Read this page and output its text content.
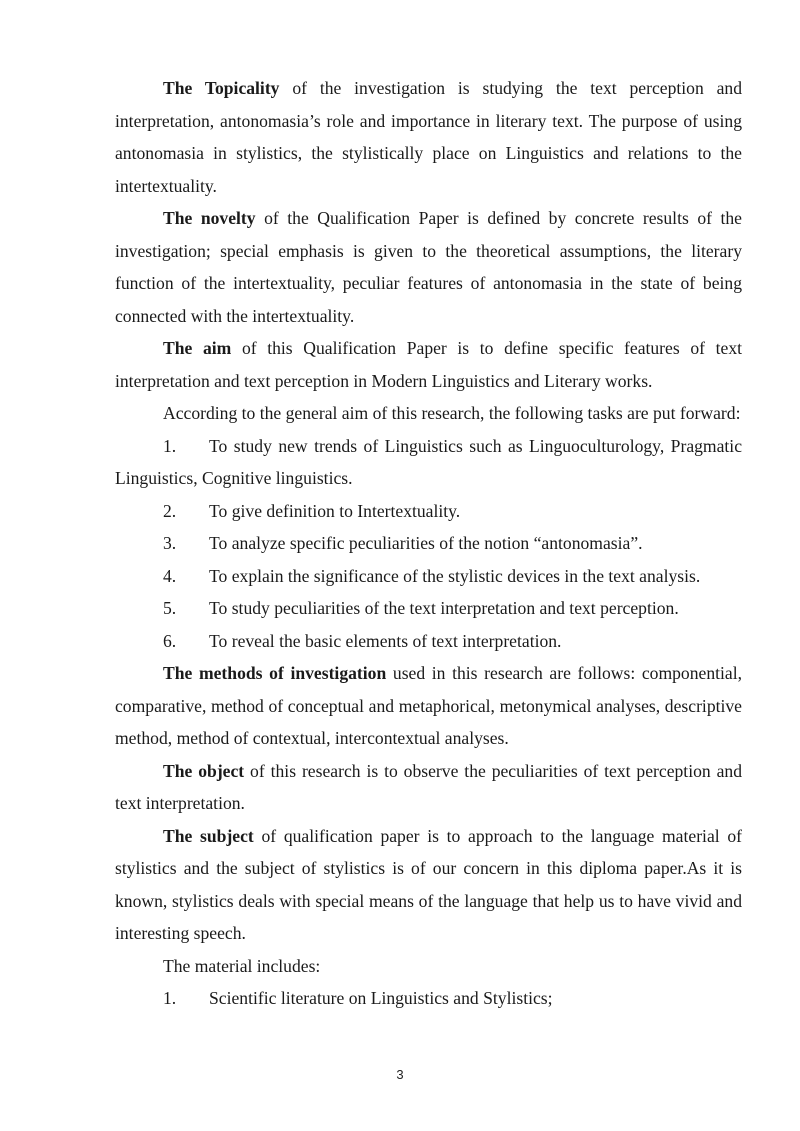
The Topicality of the investigation is studying the text perception and interpretation, antonomasia’s role and importance in literary text. The purpose of using antonomasia in stylistics, the stylistically place on Linguistics and relations to the intertextuality.

The novelty of the Qualification Paper is defined by concrete results of the investigation; special emphasis is given to the theoretical assumptions, the literary function of the intertextuality, peculiar features of antonomasia in the state of being connected with the intertextuality.

The aim of this Qualification Paper is to define specific features of text interpretation and text perception in Modern Linguistics and Literary works.

According to the general aim of this research, the following tasks are put forward:

1. To study new trends of Linguistics such as Linguoculturology, Pragmatic Linguistics, Cognitive linguistics.

2. To give definition to Intertextuality.

3. To analyze specific peculiarities of the notion “antonomasia”.

4. To explain the significance of the stylistic devices in the text analysis.

5. To study peculiarities of the text interpretation and text perception.

6. To reveal the basic elements of text interpretation.

The methods of investigation used in this research are follows: componential, comparative, method of conceptual and metaphorical, metonymical analyses, descriptive method, method of contextual, intercontextual analyses.

The object of this research is to observe the peculiarities of text perception and text interpretation.

The subject of qualification paper is to approach to the language material of stylistics and the subject of stylistics is of our concern in this diploma paper.As it is known, stylistics deals with special means of the language that help us to have vivid and interesting speech.

The material includes:

1. Scientific literature on Linguistics and Stylistics;

3
